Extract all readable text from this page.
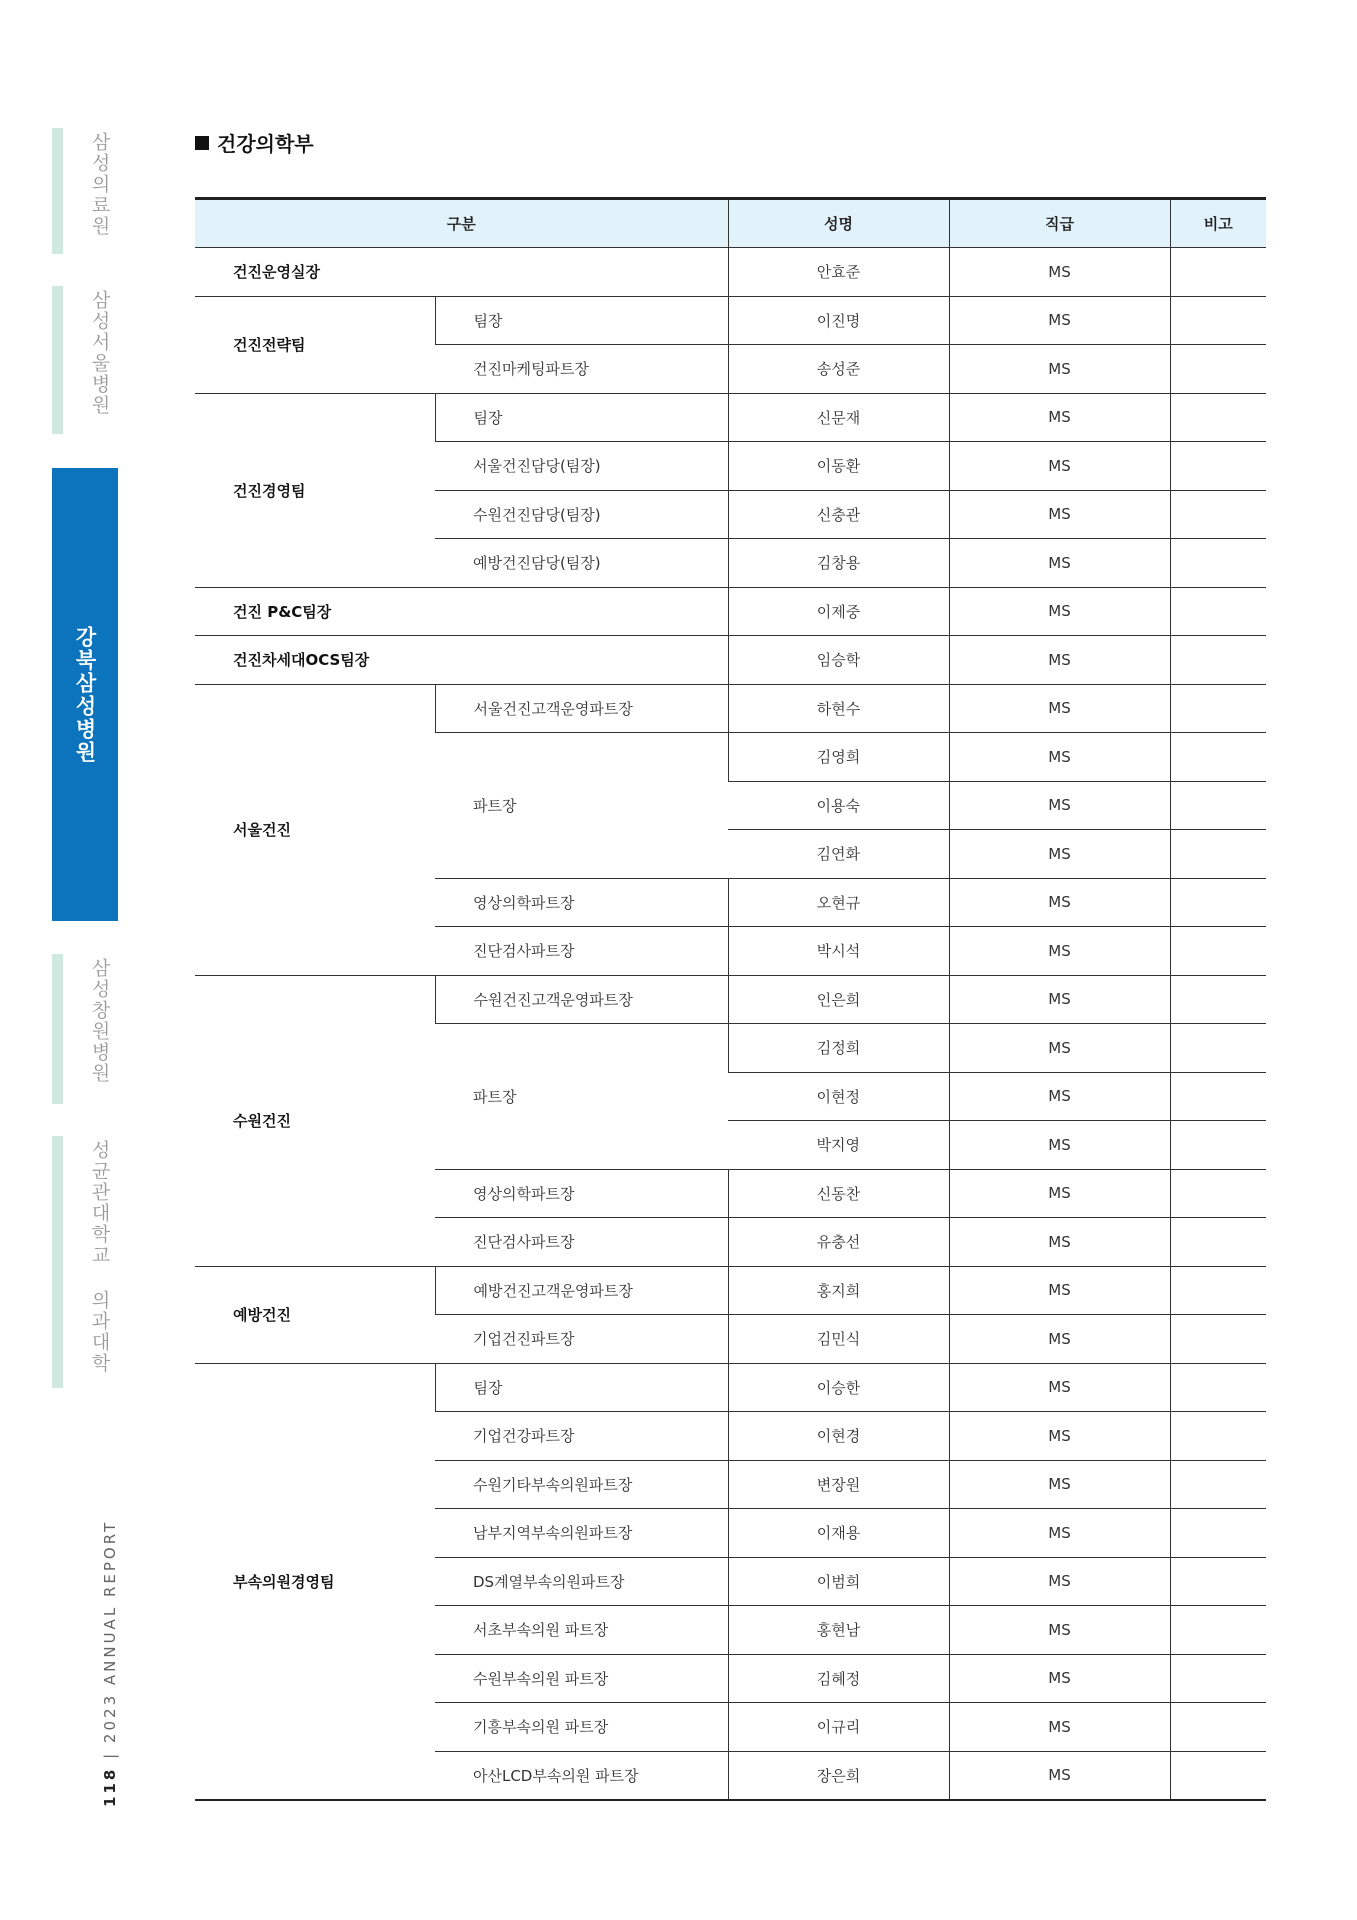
삼성의료원
삼성서울병원
강북삼성병원
삼성창원병원
성균관대학교 의과대학
118 | 2023 ANNUAL REPORT
건강의학부
구분		성명	직급	비고
건진운영실장		안효준	MS	
건진전략팀	팀장	이진명	MS	
	건진마케팅파트장	송성준	MS	
건진경영팀	팀장	신문재	MS	
	서울건진담당(팀장)	이동환	MS	
	수원건진담당(팀장)	신충관	MS	
	예방건진담당(팀장)	김창용	MS	
건진 P&C팀장		이제중	MS	
건진차세대OCS팀장		임승학	MS	
서울건진	서울건진고객운영파트장	하현수	MS	
	파트장	김영희	MS	
		이용숙	MS	
		김연화	MS	
	영상의학파트장	오현규	MS	
	진단검사파트장	박시석	MS	
수원건진	수원건진고객운영파트장	인은희	MS	
	파트장	김정희	MS	
		이현정	MS	
		박지영	MS	
	영상의학파트장	신동찬	MS	
	진단검사파트장	유충선	MS	
예방건진	예방건진고객운영파트장	홍지희	MS	
	기업건진파트장	김민식	MS	
부속의원경영팀	팀장	이승한	MS	
	기업건강파트장	이현경	MS	
	수원기타부속의원파트장	변장원	MS	
	남부지역부속의원파트장	이재용	MS	
	DS계열부속의원파트장	이범희	MS	
	서초부속의원 파트장	홍현남	MS	
	수원부속의원 파트장	김혜정	MS	
	기흥부속의원 파트장	이규리	MS	
	아산LCD부속의원 파트장	장은희	MS	
